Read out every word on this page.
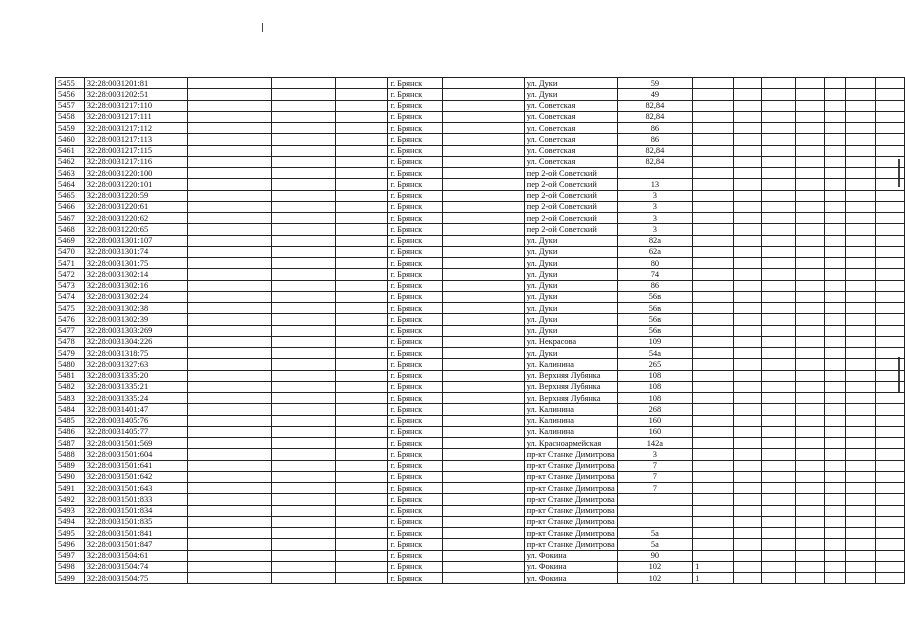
5455	32:28:0031201:81				г. Брянск		ул. Дуки	59							
5456	32:28:0031202:51				г. Брянск		ул. Дуки	49							
5457	32:28:0031217:110				г. Брянск		ул. Советская	82,84							
5458	32:28:0031217:111				г. Брянск		ул. Советская	82,84							
5459	32:28:0031217:112				г. Брянск		ул. Советская	86							
5460	32:28:0031217:113				г. Брянск		ул. Советская	86							
5461	32:28:0031217:115				г. Брянск		ул. Советская	82,84							
5462	32:28:0031217:116				г. Брянск		ул. Советская	82,84							
5463	32:28:0031220:100				г. Брянск		пер 2-ой Советский								
5464	32:28:0031220:101				г. Брянск		пер 2-ой Советский	13							
5465	32:28:0031220:59				г. Брянск		пер 2-ой Советский	3							
5466	32:28:0031220:61				г. Брянск		пер 2-ой Советский	3							
5467	32:28:0031220:62				г. Брянск		пер 2-ой Советский	3							
5468	32:28:0031220:65				г. Брянск		пер 2-ой Советский	3							
5469	32:28:0031301:107				г. Брянск		ул. Дуки	82а							
5470	32:28:0031301:74				г. Брянск		ул. Дуки	62а							
5471	32:28:0031301:75				г. Брянск		ул. Дуки	80							
5472	32:28:0031302:14				г. Брянск		ул. Дуки	74							
5473	32:28:0031302:16				г. Брянск		ул. Дуки	86							
5474	32:28:0031302:24				г. Брянск		ул. Дуки	56в							
5475	32:28:0031302:38				г. Брянск		ул. Дуки	56в							
5476	32:28:0031302:39				г. Брянск		ул. Дуки	56в							
5477	32:28:0031303:269				г. Брянск		ул. Дуки	56в							
5478	32:28:0031304:226				г. Брянск		ул. Некрасова	109							
5479	32:28:0031318:75				г. Брянск		ул. Дуки	54а							
5480	32:28:0031327:63				г. Брянск		ул. Калинина	265							
5481	32:28:0031335:20				г. Брянск		ул. Верхняя Лубянка	108							
5482	32:28:0031335:21				г. Брянск		ул. Верхняя Лубянка	108							
5483	32:28:0031335:24				г. Брянск		ул. Верхняя Лубянка	108							
5484	32:28:0031401:47				г. Брянск		ул. Калинина	268							
5485	32:28:0031405:76				г. Брянск		ул. Калинина	160							
5486	32:28:0031405:77				г. Брянск		ул. Калинина	160							
5487	32:28:0031501:569				г. Брянск		ул. Красноармейская	142а							
5488	32:28:0031501:604				г. Брянск		пр-кт Станке Димитрова	3							
5489	32:28:0031501:641				г. Брянск		пр-кт Станке Димитрова	7							
5490	32:28:0031501:642				г. Брянск		пр-кт Станке Димитрова	7							
5491	32:28:0031501:643				г. Брянск		пр-кт Станке Димитрова	7							
5492	32:28:0031501:833				г. Брянск		пр-кт Станке Димитрова								
5493	32:28:0031501:834				г. Брянск		пр-кт Станке Димитрова								
5494	32:28:0031501:835				г. Брянск		пр-кт Станке Димитрова								
5495	32:28:0031501:841				г. Брянск		пр-кт Станке Димитрова	5а							
5496	32:28:0031501:847				г. Брянск		пр-кт Станке Димитрова	5а							
5497	32:28:0031504:61				г. Брянск		ул. Фокина	90							
5498	32:28:0031504:74				г. Брянск		ул. Фокина	102	1						
5499	32:28:0031504:75				г. Брянск		ул. Фокина	102	1						
